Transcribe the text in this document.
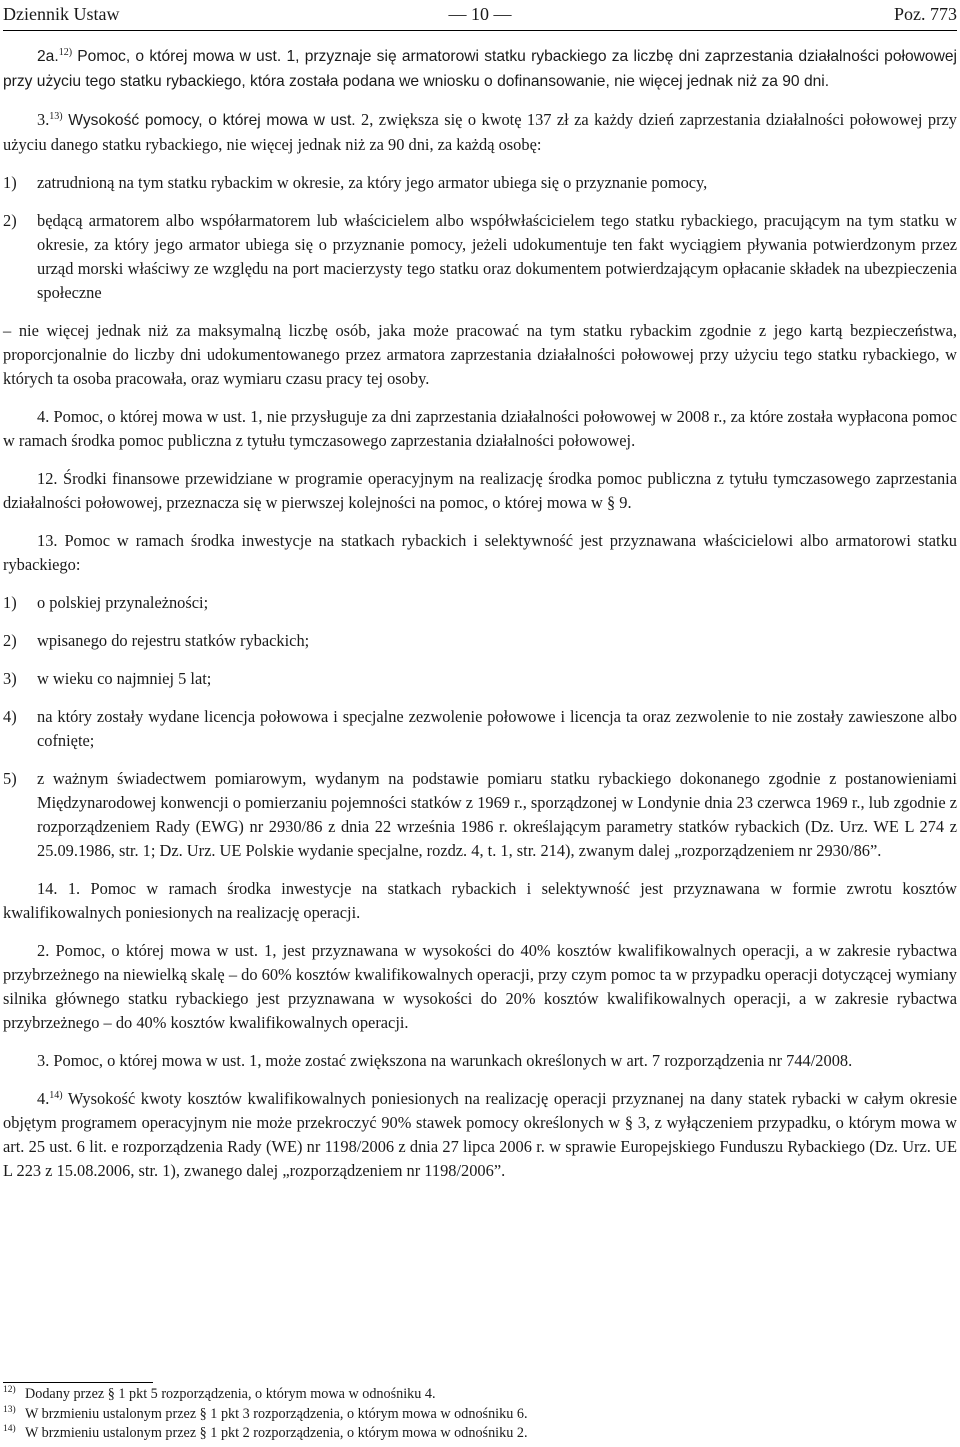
Dziennik Ustaw	— 10 —	Poz. 773

2a.$^{12)}$ Pomoc, o której mowa w ust. 1, przyznaje się armatorowi statku rybackiego za liczbę dni zaprzestania działalności połowowej przy użyciu tego statku rybackiego, która została podana we wniosku o dofinansowanie, nie więcej jednak niż za 90 dni.

3.$^{13)}$ Wysokość pomocy, o której mowa w ust. 2, zwiększa się o kwotę 137 zł za każdy dzień zaprzestania działalności połowowej przy użyciu danego statku rybackiego, nie więcej jednak niż za 90 dni, za każdą osobę:

1) zatrudnioną na tym statku rybackim w okresie, za który jego armator ubiega się o przyznanie pomocy,
2) będącą armatorem albo współarmatorem lub właścicielem albo współwłaścicielem tego statku rybackiego, pracującym na tym statku w okresie, za który jego armator ubiega się o przyznanie pomocy, jeżeli udokumentuje ten fakt wyciągiem pływania potwierdzonym przez urząd morski właściwy ze względu na port macierzysty tego statku oraz dokumentem potwierdzającym opłacanie składek na ubezpieczenia społeczne

– nie więcej jednak niż za maksymalną liczbę osób, jaka może pracować na tym statku rybackim zgodnie z jego kartą bezpieczeństwa, proporcjonalnie do liczby dni udokumentowanego przez armatora zaprzestania działalności połowowej przy użyciu tego statku rybackiego, w których ta osoba pracowała, oraz wymiaru czasu pracy tej osoby.

4. Pomoc, o której mowa w ust. 1, nie przysługuje za dni zaprzestania działalności połowowej w 2008 r., za które została wypłacona pomoc w ramach środka pomoc publiczna z tytułu tymczasowego zaprzestania działalności połowowej.

12. Środki finansowe przewidziane w programie operacyjnym na realizację środka pomoc publiczna z tytułu tymczasowego zaprzestania działalności połowowej, przeznacza się w pierwszej kolejności na pomoc, o której mowa w § 9.

13. Pomoc w ramach środka inwestycje na statkach rybackich i selektywność jest przyznawana właścicielowi albo armatorowi statku rybackiego:

1) o polskiej przynależności;
2) wpisanego do rejestru statków rybackich;
3) w wieku co najmniej 5 lat;
4) na który zostały wydane licencja połowowa i specjalne zezwolenie połowowe i licencja ta oraz zezwolenie to nie zostały zawieszone albo cofnięte;
5) z ważnym świadectwem pomiarowym, wydanym na podstawie pomiaru statku rybackiego dokonanego zgodnie z postanowieniami Międzynarodowej konwencji o pomierzaniu pojemności statków z 1969 r., sporządzonej w Londynie dnia 23 czerwca 1969 r., lub zgodnie z rozporządzeniem Rady (EWG) nr 2930/86 z dnia 22 września 1986 r. określającym parametry statków rybackich (Dz. Urz. WE L 274 z 25.09.1986, str. 1; Dz. Urz. UE Polskie wydanie specjalne, rozdz. 4, t. 1, str. 214), zwanym dalej „rozporządzeniem nr 2930/86”.

14. 1. Pomoc w ramach środka inwestycje na statkach rybackich i selektywność jest przyznawana w formie zwrotu kosztów kwalifikowalnych poniesionych na realizację operacji.

2. Pomoc, o której mowa w ust. 1, jest przyznawana w wysokości do 40% kosztów kwalifikowalnych operacji, a w zakresie rybactwa przybrzeżnego na niewielką skalę – do 60% kosztów kwalifikowalnych operacji, przy czym pomoc ta w przypadku operacji dotyczącej wymiany silnika głównego statku rybackiego jest przyznawana w wysokości do 20% kosztów kwalifikowalnych operacji, a w zakresie rybactwa przybrzeżnego – do 40% kosztów kwalifikowalnych operacji.

3. Pomoc, o której mowa w ust. 1, może zostać zwiększona na warunkach określonych w art. 7 rozporządzenia nr 744/2008.

4.$^{14)}$ Wysokość kwoty kosztów kwalifikowalnych poniesionych na realizację operacji przyznanej na dany statek rybacki w całym okresie objętym programem operacyjnym nie może przekroczyć 90% stawek pomocy określonych w § 3, z wyłączeniem przypadku, o którym mowa w art. 25 ust. 6 lit. e rozporządzenia Rady (WE) nr 1198/2006 z dnia 27 lipca 2006 r. w sprawie Europejskiego Funduszu Rybackiego (Dz. Urz. UE L 223 z 15.08.2006, str. 1), zwanego dalej „rozporządzeniem nr 1198/2006”.

12) Dodany przez § 1 pkt 5 rozporządzenia, o którym mowa w odnośniku 4.
13) W brzmieniu ustalonym przez § 1 pkt 3 rozporządzenia, o którym mowa w odnośniku 6.
14) W brzmieniu ustalonym przez § 1 pkt 2 rozporządzenia, o którym mowa w odnośniku 2.
